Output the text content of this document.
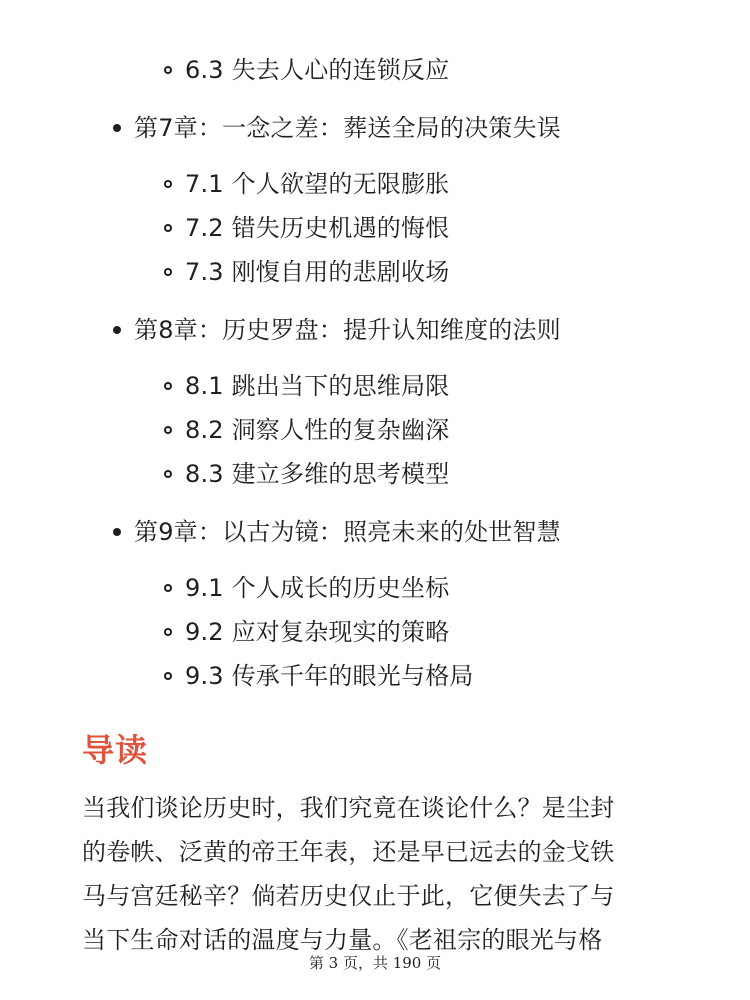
6.3 失去人心的连锁反应
第7章：一念之差：葬送全局的决策失误
7.1 个人欲望的无限膨胀
7.2 错失历史机遇的悔恨
7.3 刚愎自用的悲剧收场
第8章：历史罗盘：提升认知维度的法则
8.1 跳出当下的思维局限
8.2 洞察人性的复杂幽深
8.3 建立多维的思考模型
第9章：以古为镜：照亮未来的处世智慧
9.1 个人成长的历史坐标
9.2 应对复杂现实的策略
9.3 传承千年的眼光与格局
导读
当我们谈论历史时，我们究竟在谈论什么？是尘封
的卷帙、泛黄的帝王年表，还是早已远去的金戈铁
马与宫廷秘辛？倘若历史仅止于此，它便失去了与
当下生命对话的温度与力量。《老祖宗的眼光与格
第 3 页，共 190 页
